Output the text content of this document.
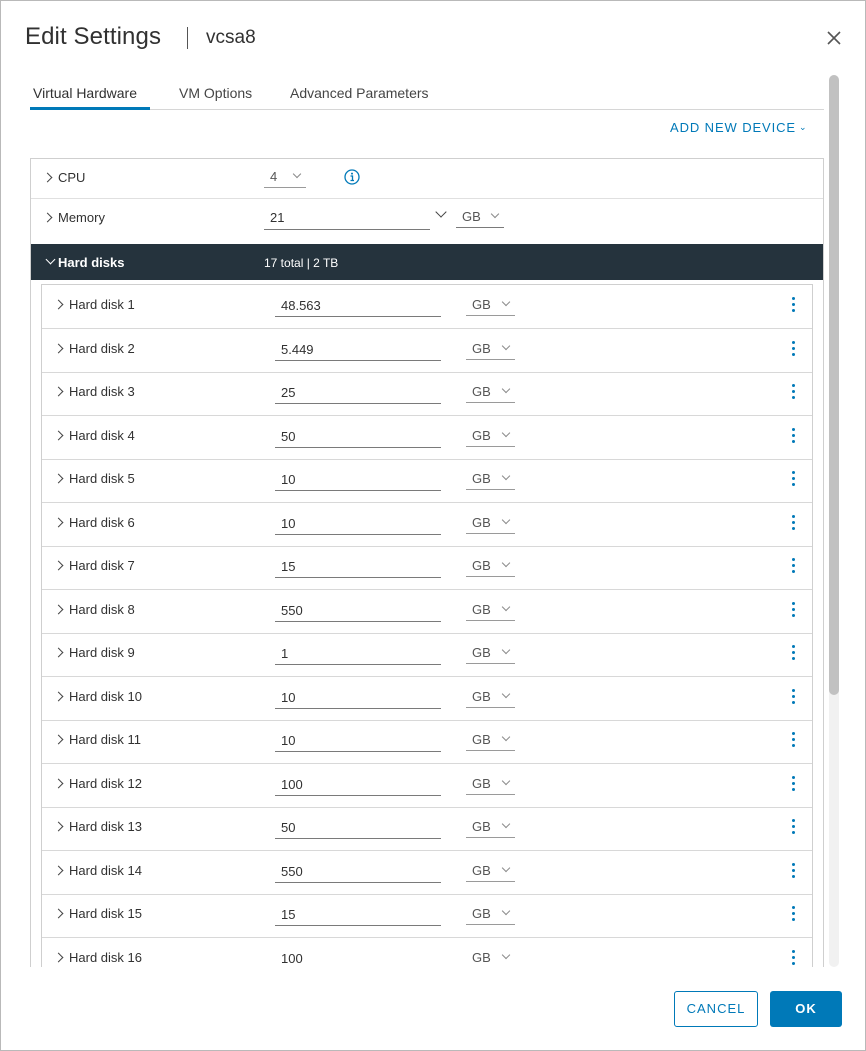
Edit Settings vcsa8
Virtual Hardware	VM Options	Advanced Parameters
ADD NEW DEVICE ⌄
CPU	4
Memory	21	GB
Hard disks	17 total | 2 TB
Hard disk 1	48.563	GB
Hard disk 2	5.449	GB
Hard disk 3	25	GB
Hard disk 4	50	GB
Hard disk 5	10	GB
Hard disk 6	10	GB
Hard disk 7	15	GB
Hard disk 8	550	GB
Hard disk 9	1	GB
Hard disk 10	10	GB
Hard disk 11	10	GB
Hard disk 12	100	GB
Hard disk 13	50	GB
Hard disk 14	550	GB
Hard disk 15	15	GB
Hard disk 16	100	GB
CANCEL	OK
